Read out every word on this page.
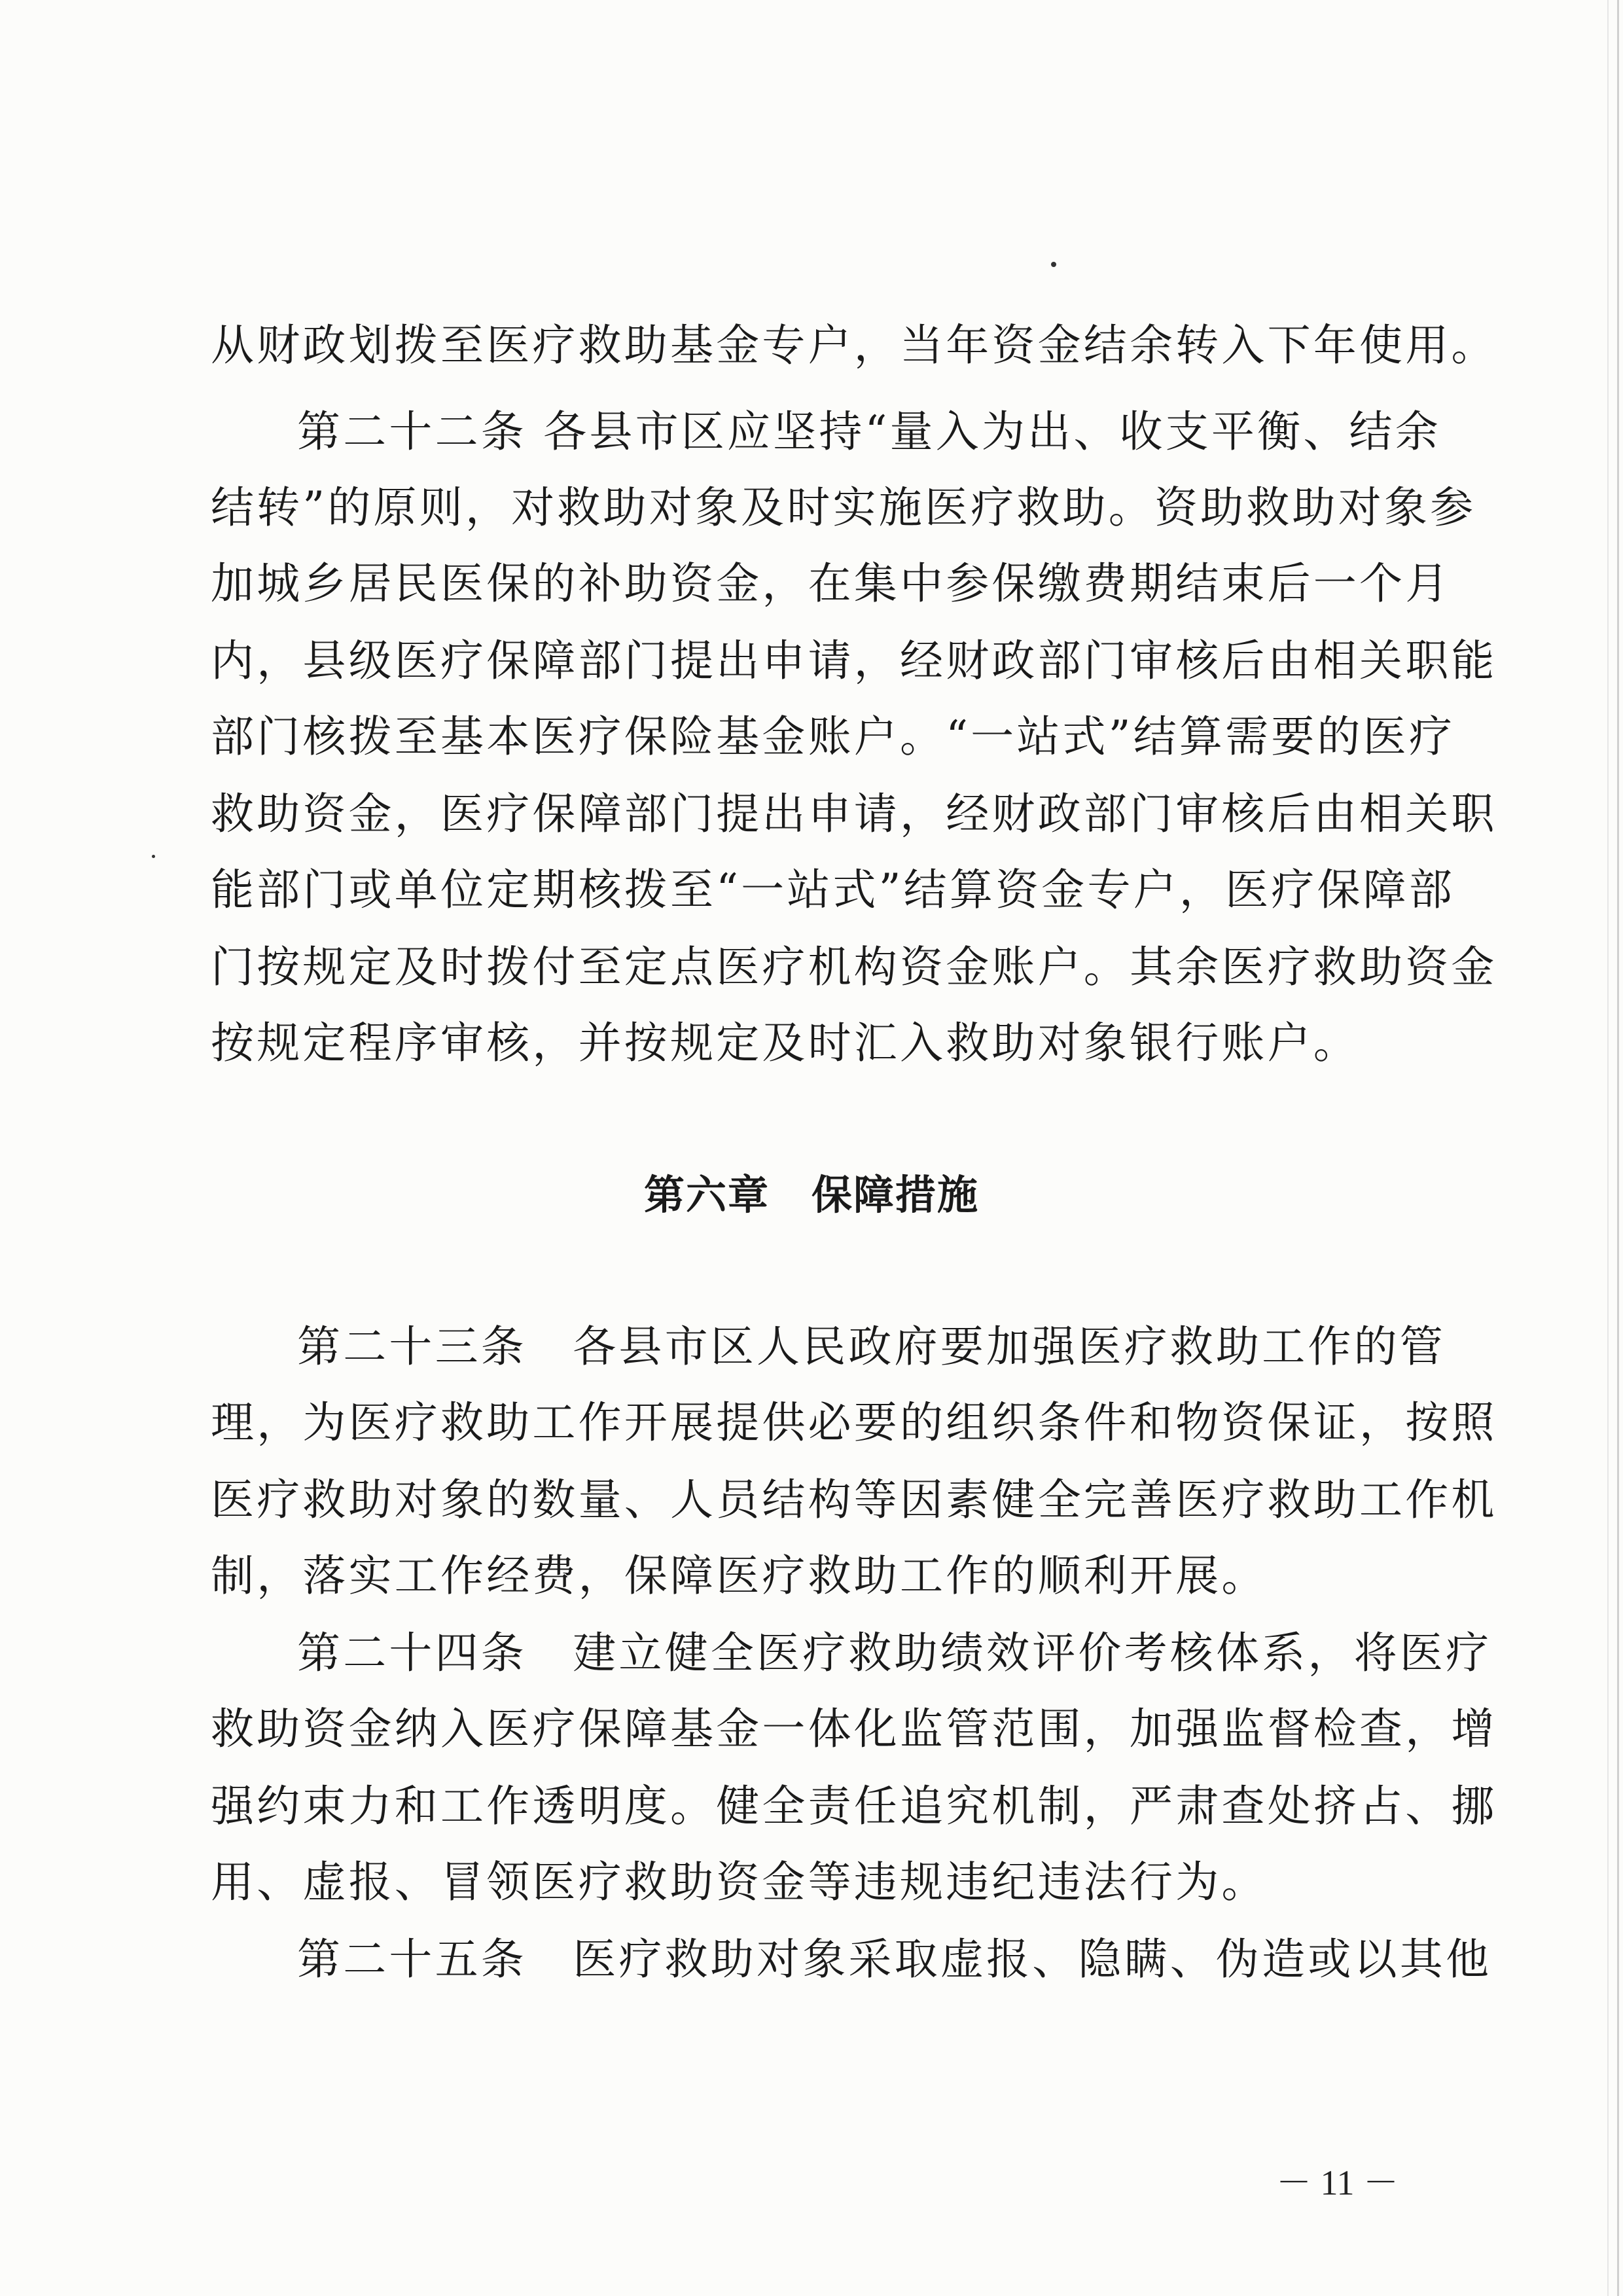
从财政划拨至医疗救助基金专户，当年资金结余转入下年使用。
第二十二条 各县市区应坚持“量入为出、收支平衡、结余
结转”的原则，对救助对象及时实施医疗救助。资助救助对象参
加城乡居民医保的补助资金，在集中参保缴费期结束后一个月
内，县级医疗保障部门提出申请，经财政部门审核后由相关职能
部门核拨至基本医疗保险基金账户。“一站式”结算需要的医疗
救助资金，医疗保障部门提出申请，经财政部门审核后由相关职
能部门或单位定期核拨至“一站式”结算资金专户，医疗保障部
门按规定及时拨付至定点医疗机构资金账户。其余医疗救助资金
按规定程序审核，并按规定及时汇入救助对象银行账户。
第六章　保障措施
第二十三条　各县市区人民政府要加强医疗救助工作的管
理，为医疗救助工作开展提供必要的组织条件和物资保证，按照
医疗救助对象的数量、人员结构等因素健全完善医疗救助工作机
制，落实工作经费，保障医疗救助工作的顺利开展。
第二十四条　建立健全医疗救助绩效评价考核体系，将医疗
救助资金纳入医疗保障基金一体化监管范围，加强监督检查，增
强约束力和工作透明度。健全责任追究机制，严肃查处挤占、挪
用、虚报、冒领医疗救助资金等违规违纪违法行为。
第二十五条　医疗救助对象采取虚报、隐瞒、伪造或以其他
－ 11 －
